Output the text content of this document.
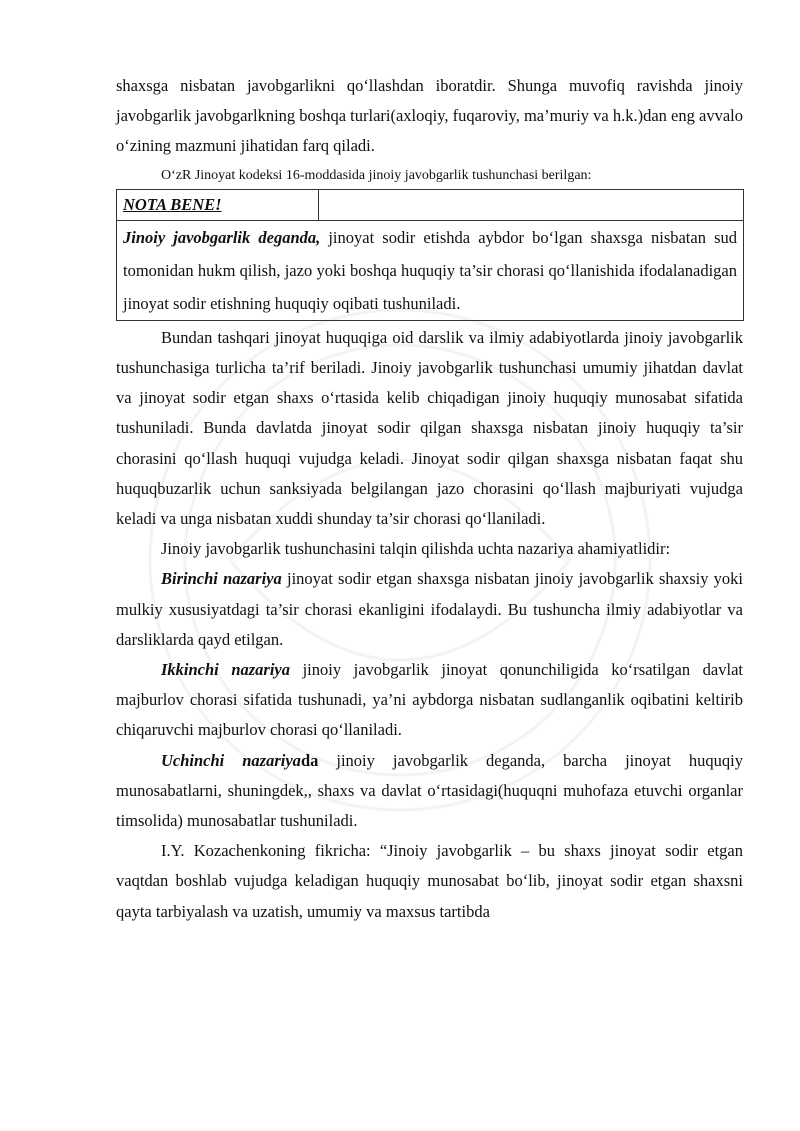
shaxsga nisbatan javobgarlikni qo‘llashdan iboratdir. Shunga muvofiq ravishda jinoiy javobgarlik javobgarlkning boshqa turlari(axloqiy, fuqaroviy, ma’muriy va h.k.)dan eng avvalo o‘zining mazmuni jihatidan farq qiladi.

O‘zR Jinoyat kodeksi 16-moddasida jinoiy javobgarlik tushunchasi berilgan:

NOTA BENE!	
Jinoiy javobgarlik deganda, jinoyat sodir etishda aybdor bo‘lgan shaxsga nisbatan sud tomonidan hukm qilish, jazo yoki boshqa huquqiy ta’sir chorasi qo‘llanishida ifodalanadigan jinoyat sodir etishning huquqiy oqibati tushuniladi.

Bundan tashqari jinoyat huquqiga oid darslik va ilmiy adabiyotlarda jinoiy javobgarlik tushunchasiga turlicha ta’rif beriladi. Jinoiy javobgarlik tushunchasi umumiy jihatdan davlat va jinoyat sodir etgan shaxs o‘rtasida kelib chiqadigan jinoiy huquqiy munosabat sifatida tushuniladi. Bunda davlatda jinoyat sodir qilgan shaxsga nisbatan jinoiy huquqiy ta’sir chorasini qo‘llash huquqi vujudga keladi. Jinoyat sodir qilgan shaxsga nisbatan faqat shu huquqbuzarlik uchun sanksiyada belgilangan jazo chorasini qo‘llash majburiyati vujudga keladi va unga nisbatan xuddi shunday ta’sir chorasi qo‘llaniladi.

Jinoiy javobgarlik tushunchasini talqin qilishda uchta nazariya ahamiyatlidir:

Birinchi nazariya jinoyat sodir etgan shaxsga nisbatan jinoiy javobgarlik shaxsiy yoki mulkiy xususiyatdagi ta’sir chorasi ekanligini ifodalaydi. Bu tushuncha ilmiy adabiyotlar va darsliklarda qayd etilgan.

Ikkinchi nazariya jinoiy javobgarlik jinoyat qonunchiligida ko‘rsatilgan davlat majburlov chorasi sifatida tushunadi, ya’ni aybdorga nisbatan sudlanganlik oqibatini keltirib chiqaruvchi majburlov chorasi qo‘llaniladi.

Uchinchi nazariyada jinoiy javobgarlik deganda, barcha jinoyat huquqiy munosabatlarni, shuningdek,, shaxs va davlat o‘rtasidagi(huquqni muhofaza etuvchi organlar timsolida) munosabatlar tushuniladi.

I.Y. Kozachenkoning fikricha: “Jinoiy javobgarlik – bu shaxs jinoyat sodir etgan vaqtdan boshlab vujudga keladigan huquqiy munosabat bo‘lib, jinoyat sodir etgan shaxsni qayta tarbiyalash va uzatish, umumiy va maxsus tartibda
